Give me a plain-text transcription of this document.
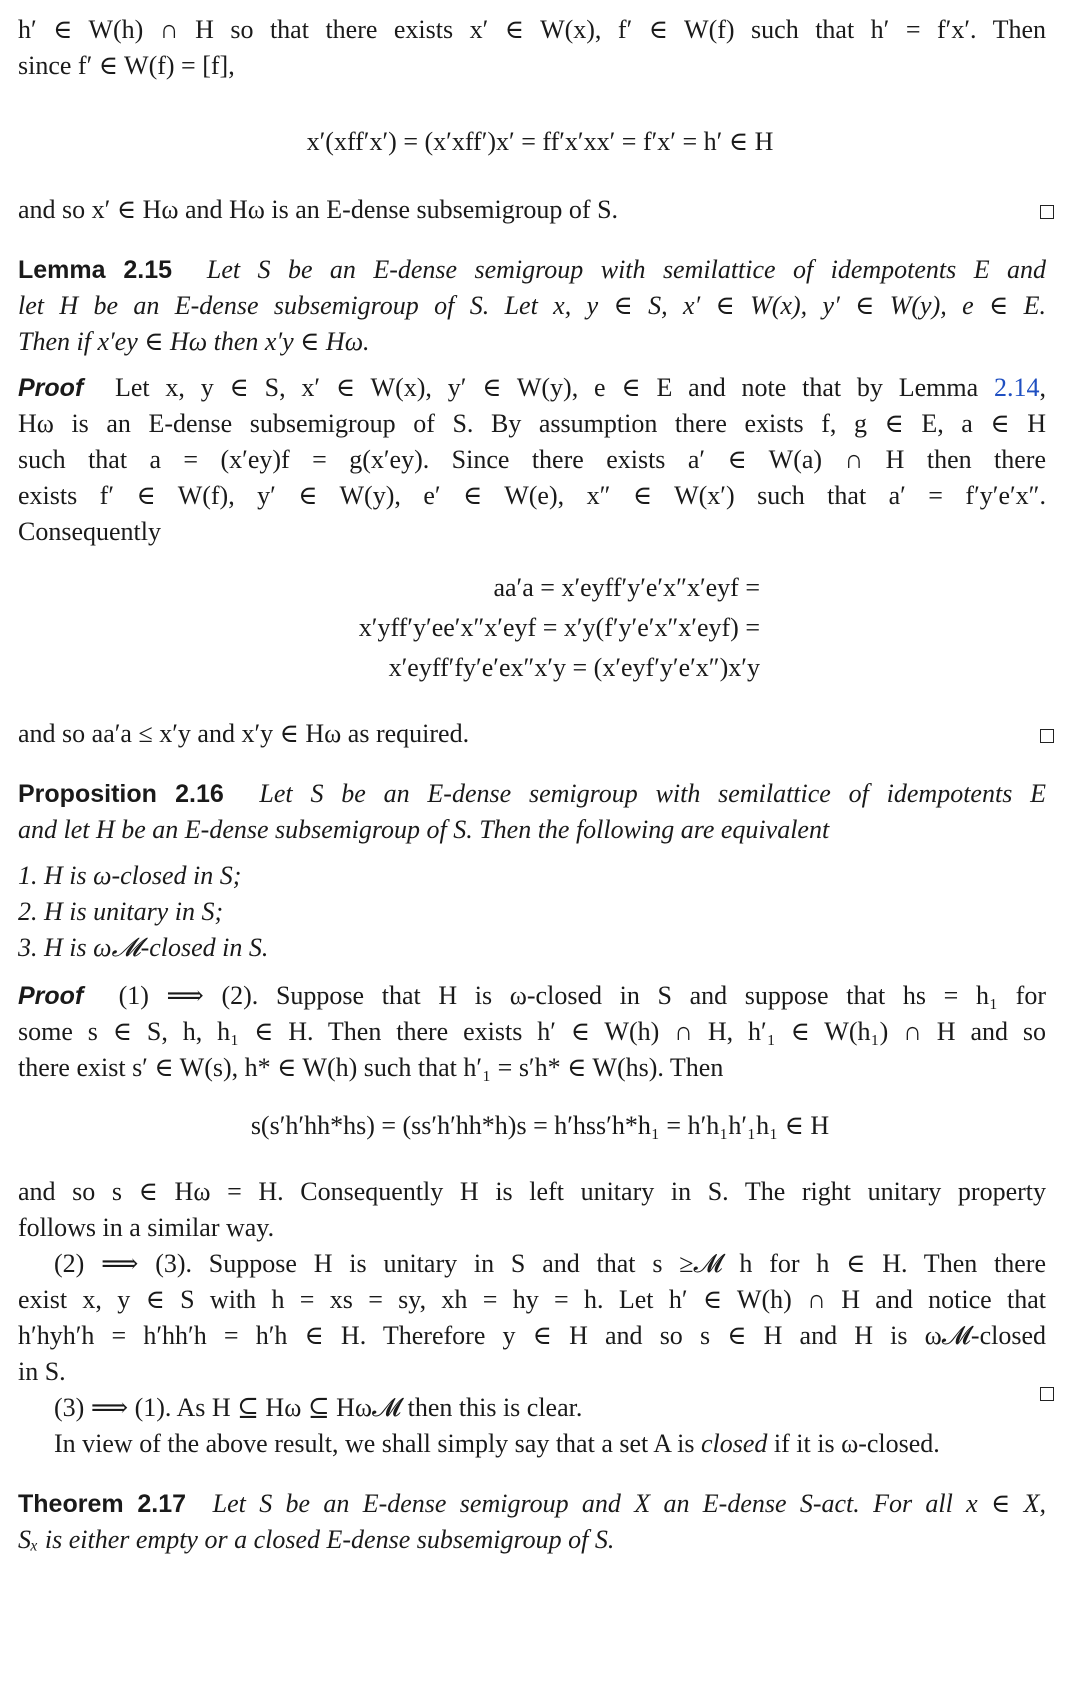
h′ ∈ W(h) ∩ H so that there exists x′ ∈ W(x), f′ ∈ W(f) such that h′ = f′x′. Then
since f′ ∈ W(f) = [f],
x′(xff′x′) = (x′xff′)x′ = ff′x′xx′ = f′x′ = h′ ∈ H
and so x′ ∈ Hω and Hω is an E-dense subsemigroup of S.
Lemma 2.15 Let S be an E-dense semigroup with semilattice of idempotents E and
let H be an E-dense subsemigroup of S. Let x, y ∈ S, x′ ∈ W(x), y′ ∈ W(y), e ∈ E.
Then if x′ey ∈ Hω then x′y ∈ Hω.
Proof Let x, y ∈ S, x′ ∈ W(x), y′ ∈ W(y), e ∈ E and note that by Lemma 2.14,
Hω is an E-dense subsemigroup of S. By assumption there exists f, g ∈ E, a ∈ H
such that a = (x′ey)f = g(x′ey). Since there exists a′ ∈ W(a) ∩ H then there
exists f′ ∈ W(f), y′ ∈ W(y), e′ ∈ W(e), x″ ∈ W(x′) such that a′ = f′y′e′x″.
Consequently
aa′a = x′eyff′y′e′x″x′eyf =
x′yff′y′ee′x″x′eyf = x′y(f′y′e′x″x′eyf) =
x′eyff′fy′e′ex″x′y = (x′eyf′y′e′x″)x′y
and so aa′a ≤ x′y and x′y ∈ Hω as required.
Proposition 2.16 Let S be an E-dense semigroup with semilattice of idempotents E
and let H be an E-dense subsemigroup of S. Then the following are equivalent
1. H is ω-closed in S;
2. H is unitary in S;
3. H is ω𝓜-closed in S.
Proof (1) ⟹ (2). Suppose that H is ω-closed in S and suppose that hs = h₁ for
some s ∈ S, h, h₁ ∈ H. Then there exists h′ ∈ W(h) ∩ H, h′₁ ∈ W(h₁) ∩ H and so
there exist s′ ∈ W(s), h* ∈ W(h) such that h′₁ = s′h* ∈ W(hs). Then
s(s′h′hh*hs) = (ss′h′hh*h)s = h′hss′h*h₁ = h′h₁h′₁h₁ ∈ H
and so s ∈ Hω = H. Consequently H is left unitary in S. The right unitary property
follows in a similar way.
(2) ⟹ (3). Suppose H is unitary in S and that s ≥𝓜 h for h ∈ H. Then there
exist x, y ∈ S with h = xs = sy, xh = hy = h. Let h′ ∈ W(h) ∩ H and notice that
h′hyh′h = h′hh′h = h′h ∈ H. Therefore y ∈ H and so s ∈ H and H is ω𝓜-closed
in S.
(3) ⟹ (1). As H ⊆ Hω ⊆ Hω𝓜 then this is clear.
In view of the above result, we shall simply say that a set A is closed if it is ω-closed.
Theorem 2.17 Let S be an E-dense semigroup and X an E-dense S-act. For all x ∈ X,
Sₓ is either empty or a closed E-dense subsemigroup of S.
